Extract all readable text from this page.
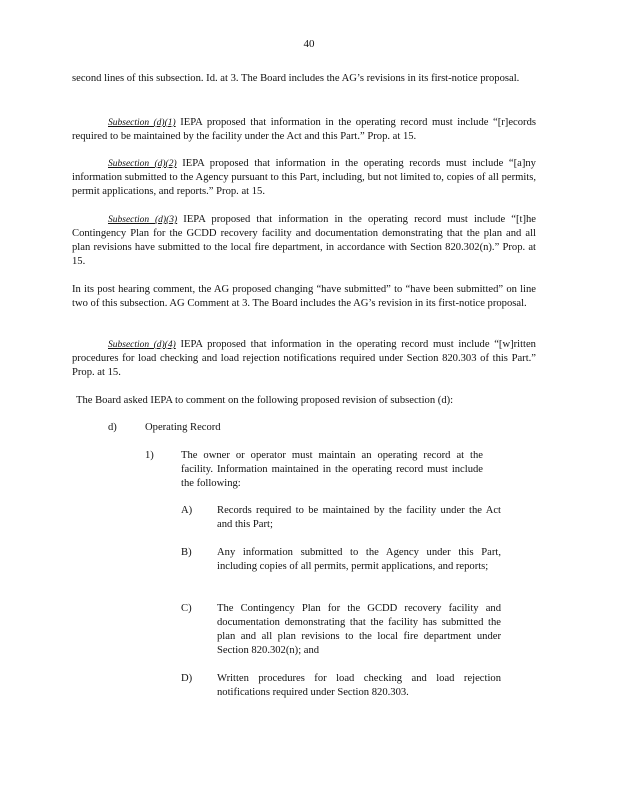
40

second lines of this subsection. Id. at 3. The Board includes the AG’s revisions in its first-notice proposal.

Subsection (d)(1) IEPA proposed that information in the operating record must include “[r]ecords required to be maintained by the facility under the Act and this Part.” Prop. at 15.

Subsection (d)(2) IEPA proposed that information in the operating records must include “[a]ny information submitted to the Agency pursuant to this Part, including, but not limited to, copies of all permits, permit applications, and reports.” Prop. at 15.

Subsection (d)(3) IEPA proposed that information in the operating record must include “[t]he Contingency Plan for the GCDD recovery facility and documentation demonstrating that the plan and all plan revisions have submitted to the local fire department, in accordance with Section 820.302(n).” Prop. at 15.

In its post hearing comment, the AG proposed changing “have submitted” to “have been submitted” on line two of this subsection. AG Comment at 3. The Board includes the AG’s revision in its first-notice proposal.

Subsection (d)(4) IEPA proposed that information in the operating record must include “[w]ritten procedures for load checking and load rejection notifications required under Section 820.303 of this Part.” Prop. at 15.

The Board asked IEPA to comment on the following proposed revision of subsection (d):

d)	Operating Record
1)	The owner or operator must maintain an operating record at the facility. Information maintained in the operating record must include the following:
A) Records required to be maintained by the facility under the Act and this Part;
B) Any information submitted to the Agency under this Part, including copies of all permits, permit applications, and reports;
C) The Contingency Plan for the GCDD recovery facility and documentation demonstrating that the facility has submitted the plan and all plan revisions to the local fire department under Section 820.302(n); and
D) Written procedures for load checking and load rejection notifications required under Section 820.303.
